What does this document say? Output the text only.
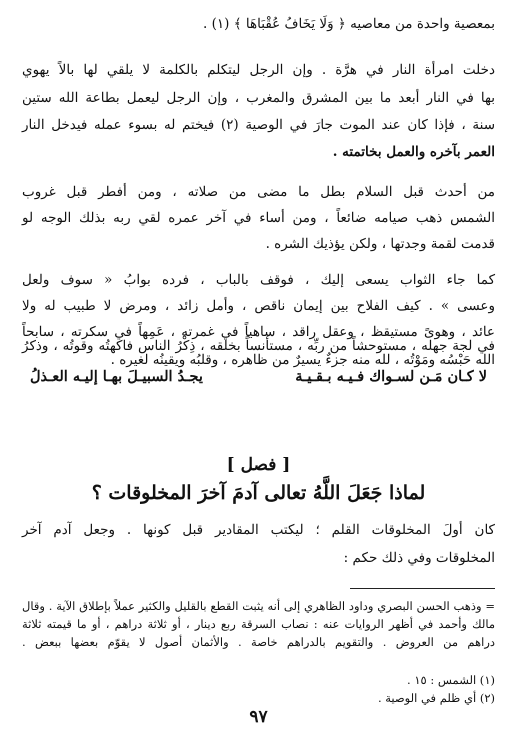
بمعصية واحدة من معاصيه ﴿ وَلَا يَخَافُ عُقْبَاهَا ﴾ (١) .
دخلت امرأة النار في هرَّة . وإن الرجل ليتكلم بالكلمة لا يلقي لها بالاً يهوي
بها في النار أبعد ما بين المشرق والمغرب ، وإن الرجل ليعمل بطاعة الله ستين
سنة ، فإذا كان عند الموت جارَ في الوصية (٢) فيختم له بسوء عمله فيدخل النار
العمر بآخره والعمل بخاتمته .
من أحدث قبل السلام بطل ما مضى من صلاته ، ومن أفطر قبل غروب
الشمس ذهب صيامه ضائعاً ، ومن أساء في آخر عمره لقي ربه بذلك الوجه لو
قدمت لقمة وجدتها ، ولكن يؤذيك الشره .
كما جاء الثواب يسعى إليك ، فوقف بالباب ، فرده بوابُ « سوف ولعل
وعسى » . كيف الفلاح بين إيمان ناقص ، وأمل زائد ، ومرض لا طبيب له ولا
عائد ، وهوىً مستيقظ ، وعقل راقد ، ساهياً في غمرته ، عَمِهاً في سكرته ، سابحاً
في لجة جهله ، مستوحشاً من ربِّه ، مستأنساً بخلقه ، ذِكْرُ الناس فاكهتُه وقوتُه ، وذكرُ
الله حَبْسُه ومَوْتُه ، لله منه جزءٌ يسيرٌ من ظاهره ، وقلبُه ويقينُه لغيره .
لا كـان مَـن لسـواك فـيـه بـقـيـة
يجـدُ السبيـلَ بهـا إليـه العـذلُ
[ فصل ]
لماذا جَعَلَ اللَّهُ تعالى آدمَ آخرَ المخلوقات ؟
كان أولَ المخلوقات القلم ؛ ليكتب المقادير قبل كونها . وجعل آدم آخر
المخلوقات وفي ذلك حكم :
= وذهب الحسن البصري وداود الظاهري إلى أنه يثبت القطع بالقليل والكثير عملاً بإطلاق الآية . وقال
مالك وأحمد في أظهر الروايات عنه : نصاب السرقة ربع دينار ، أو ثلاثة دراهم ، أو ما قيمته ثلاثة
دراهم من العروض . والتقويم بالدراهم خاصة . والأثمان أصول لا يقوّم بعضها ببعض .
(١) الشمس : ١٥ .
(٢) أي ظلم في الوصية .
٩٧
